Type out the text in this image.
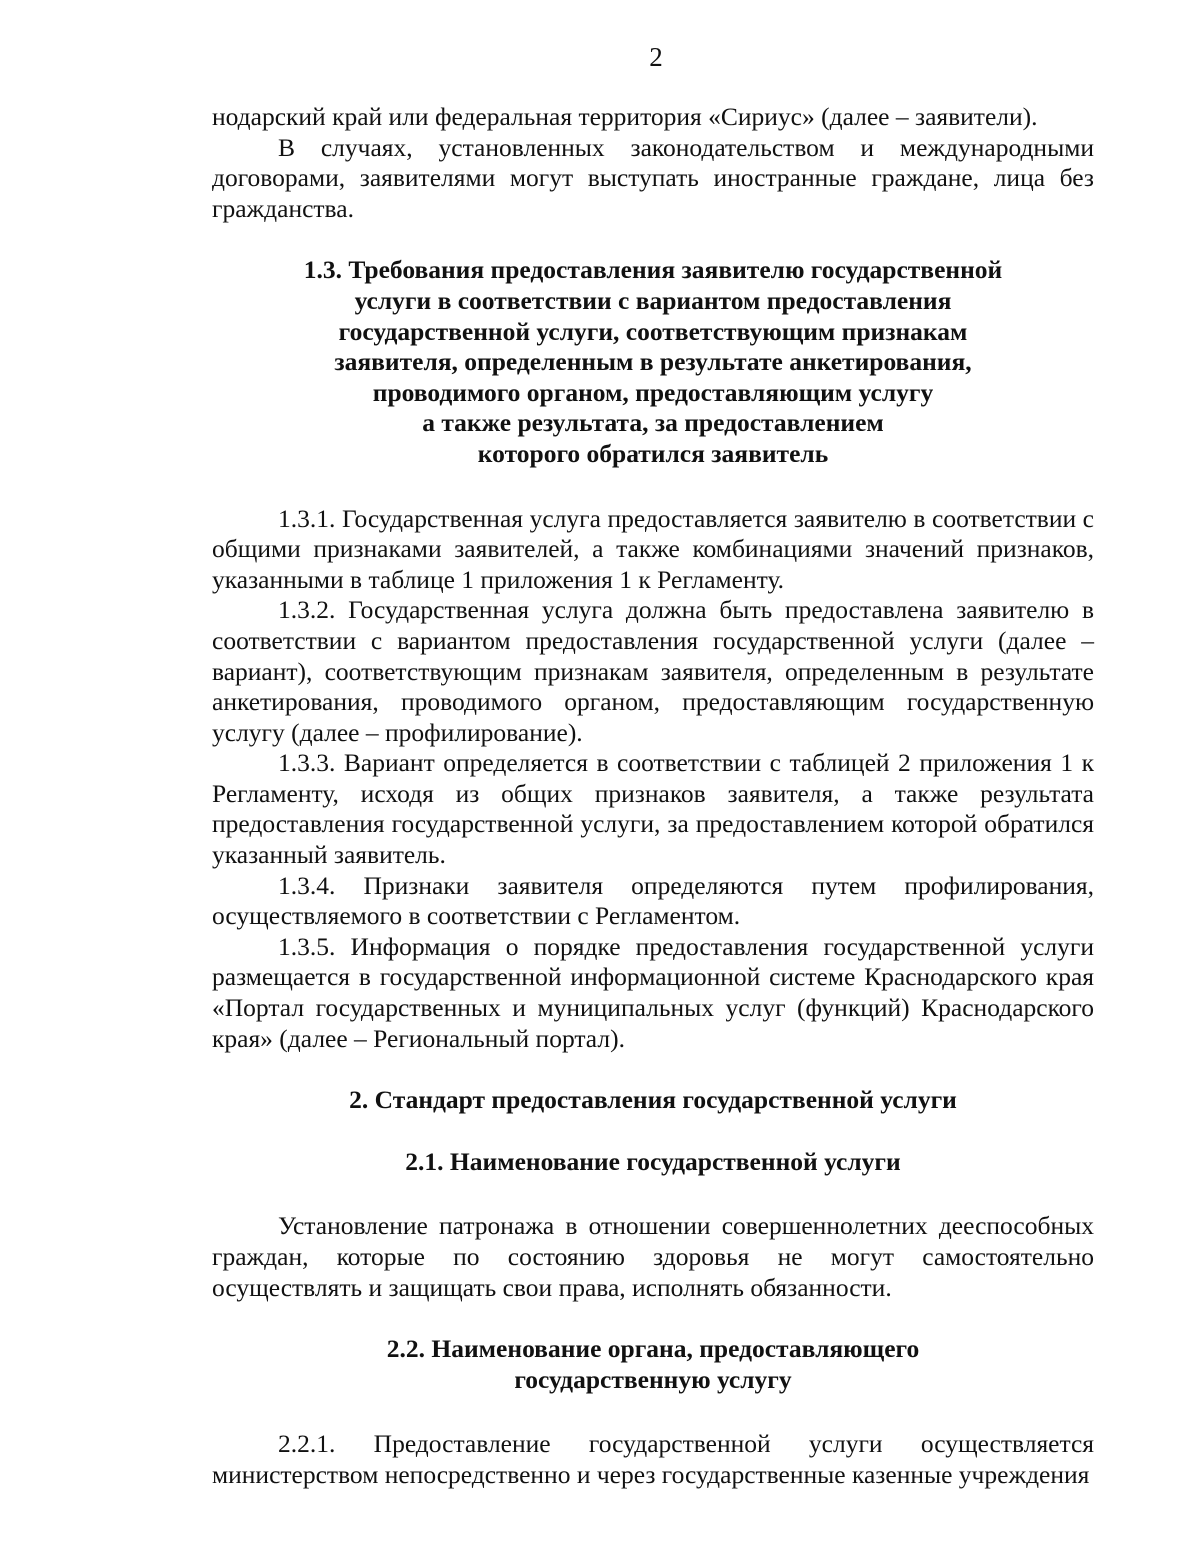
2

нодарский край или федеральная территория «Сириус» (далее – заявители).

В случаях, установленных законодательством и международными договорами, заявителями могут выступать иностранные граждане, лица без гражданства.

1.3. Требования предоставления заявителю государственной
услуги в соответствии с вариантом предоставления
государственной услуги, соответствующим признакам
заявителя, определенным в результате анкетирования,
проводимого органом, предоставляющим услугу
а также результата, за предоставлением
которого обратился заявитель

1.3.1. Государственная услуга предоставляется заявителю в соответствии с общими признаками заявителей, а также комбинациями значений признаков, указанными в таблице 1 приложения 1 к Регламенту.

1.3.2. Государственная услуга должна быть предоставлена заявителю в соответствии с вариантом предоставления государственной услуги (далее – вариант), соответствующим признакам заявителя, определенным в результате анкетирования, проводимого органом, предоставляющим государственную услугу (далее – профилирование).

1.3.3. Вариант определяется в соответствии с таблицей 2 приложения 1 к Регламенту, исходя из общих признаков заявителя, а также результата предоставления государственной услуги, за предоставлением которой обратился указанный заявитель.

1.3.4. Признаки заявителя определяются путем профилирования, осуществляемого в соответствии с Регламентом.

1.3.5. Информация о порядке предоставления государственной услуги размещается в государственной информационной системе Краснодарского края «Портал государственных и муниципальных услуг (функций) Краснодарского края» (далее – Региональный портал).

2. Стандарт предоставления государственной услуги
2.1. Наименование государственной услуги

Установление патронажа в отношении совершеннолетних дееспособных граждан, которые по состоянию здоровья не могут самостоятельно осуществлять и защищать свои права, исполнять обязанности.

2.2. Наименование органа, предоставляющего
государственную услугу

2.2.1. Предоставление государственной услуги осуществляется министерством непосредственно и через государственные казенные учреждения
